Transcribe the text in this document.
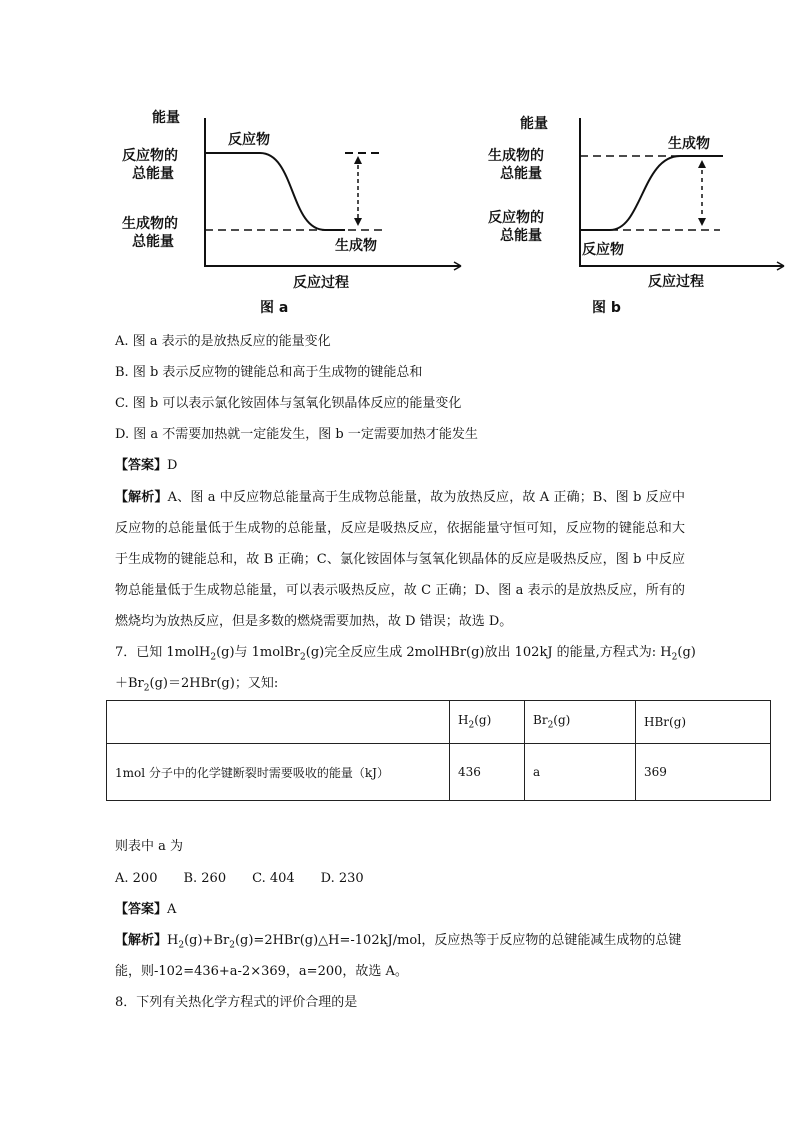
能量
反应物
反应物的
总能量
生成物的
总能量	生成物
反应过程
图 a
能量
生成物
生成物的
总能量
反应物的
总能量
反应物
反应过程
图 b
A. 图 a 表示的是放热反应的能量变化
B. 图 b 表示反应物的键能总和高于生成物的键能总和
C. 图 b 可以表示氯化铵固体与氢氧化钡晶体反应的能量变化
D. 图 a 不需要加热就一定能发生，图 b 一定需要加热才能发生
【答案】D
【解析】A、图 a 中反应物总能量高于生成物总能量，故为放热反应，故 A 正确；B、图 b 反应中反应物的总能量低于生成物的总能量，反应是吸热反应，依据能量守恒可知，反应物的键能总和大于生成物的键能总和，故 B 正确；C、氯化铵固体与氢氧化钡晶体的反应是吸热反应，图 b 中反应物总能量低于生成物总能量，可以表示吸热反应，故 C 正确；D、图 a 表示的是放热反应，所有的燃烧均为放热反应，但是多数的燃烧需要加热，故 D 错误；故选 D。
7．已知 1molH$_2$(g)与 1molBr$_2$(g)完全反应生成 2molHBr(g)放出 102kJ 的能量,方程式为: $H_2(g)$
$+Br_2(g)=2HBr(g)$；又知:
	$H_2(g)$	$Br_2(g)$	HBr(g)
1mol 分子中的化学键断裂时需要吸收的能量（kJ）	436	a	369
则表中 a 为
A. 200　　B. 260　　C. 404　　D. 230
【答案】A
【解析】$H_2(g)+Br_2(g)=2HBr(g)\triangle H=-102kJ$/mol，反应热等于反应物的总键能减生成物的总键
能，则-102=436+a-2×369，a=200，故选 A。
8．下列有关热化学方程式的评价合理的是
